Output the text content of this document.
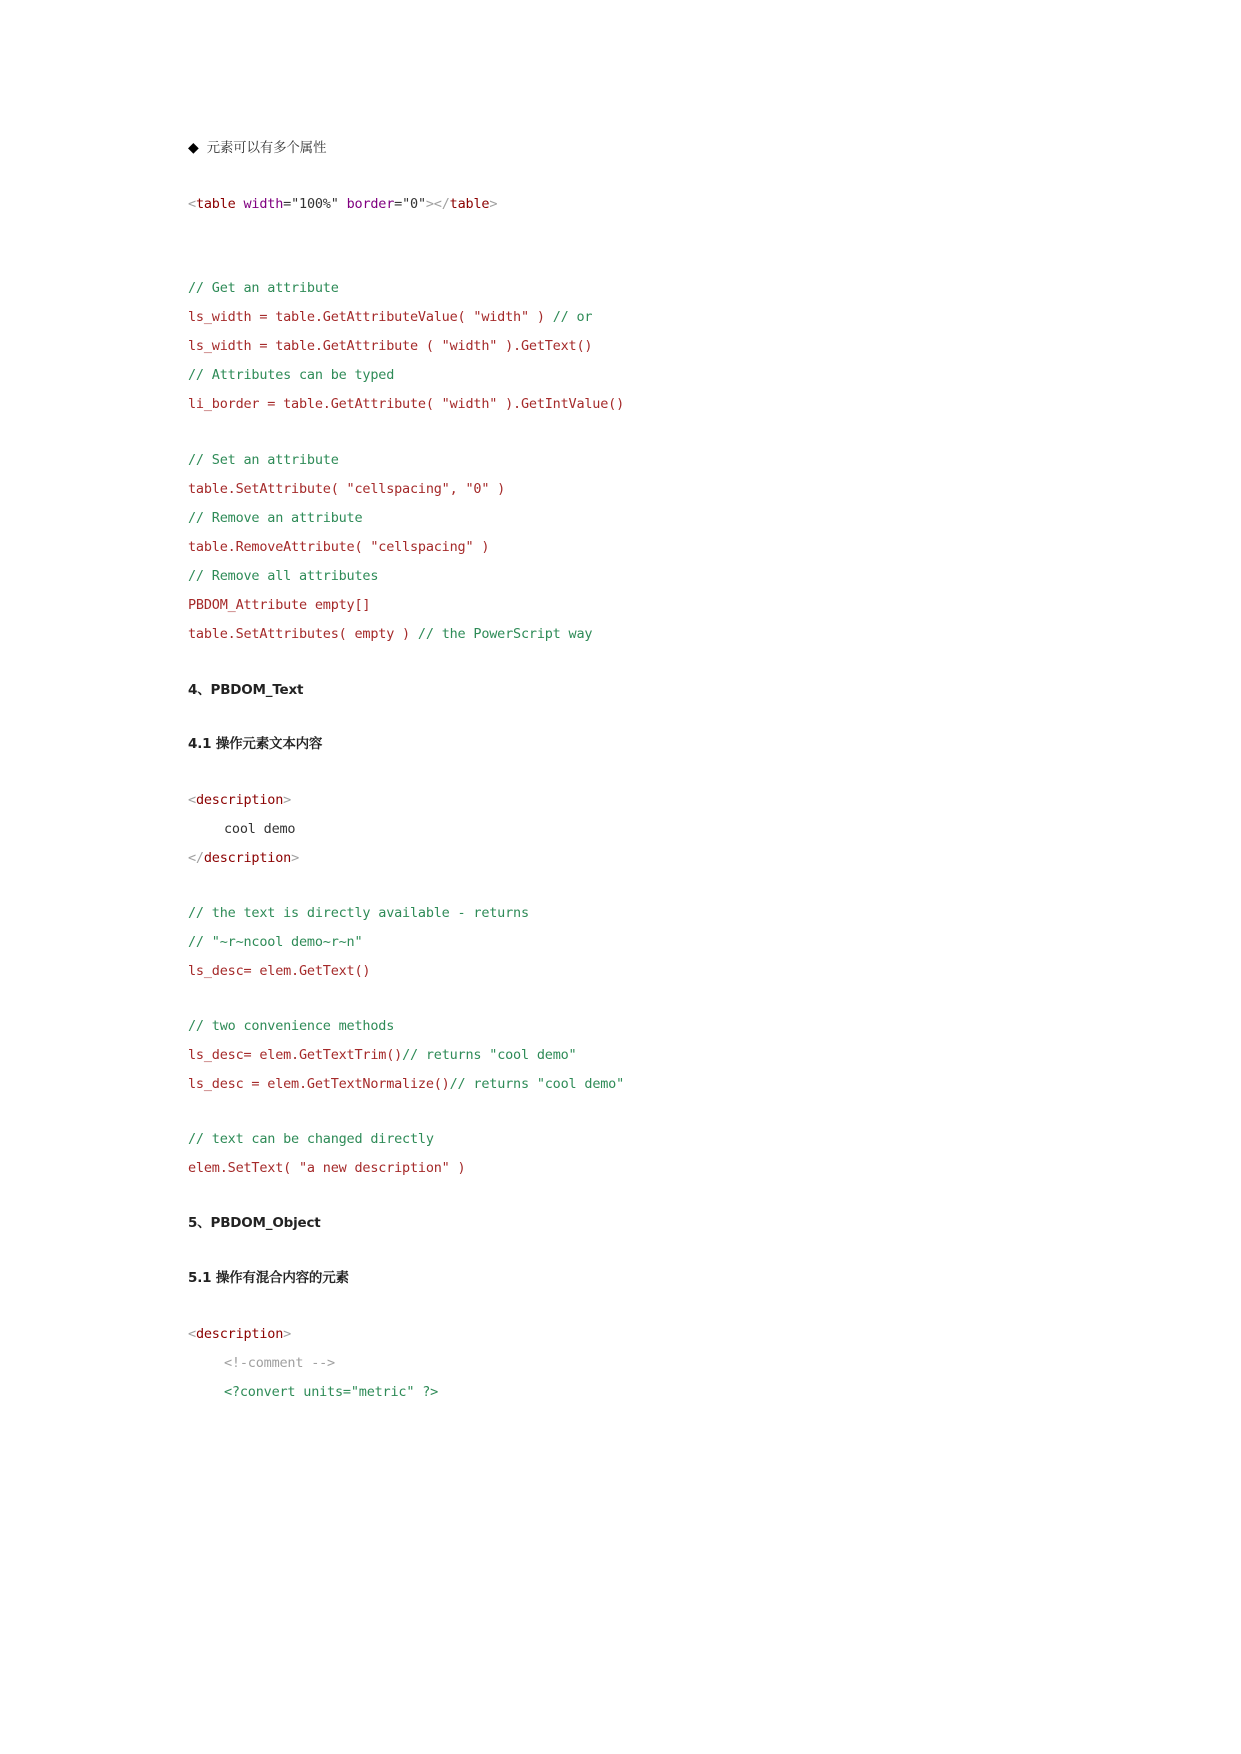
◆ 元素可以有多个属性
<table width="100%" border="0"></table>
// Get an attribute
ls_width = table.GetAttributeValue( "width" ) // or
ls_width = table.GetAttribute ( "width" ).GetText()
// Attributes can be typed
li_border = table.GetAttribute( "width" ).GetIntValue()
// Set an attribute
table.SetAttribute( "cellspacing", "0" )
// Remove an attribute
table.RemoveAttribute( "cellspacing" )
// Remove all attributes
PBDOM_Attribute empty[]
table.SetAttributes( empty ) // the PowerScript way
4、PBDOM_Text
4.1 操作元素文本内容
<description>
cool demo
</description>
// the text is directly available - returns
// "~r~ncool demo~r~n"
ls_desc= elem.GetText()
// two convenience methods
ls_desc= elem.GetTextTrim()// returns "cool demo"
ls_desc = elem.GetTextNormalize()// returns "cool demo"
// text can be changed directly
elem.SetText( "a new description" )
5、PBDOM_Object
5.1 操作有混合内容的元素
<description>
<!-comment -->
<?convert units="metric" ?>
